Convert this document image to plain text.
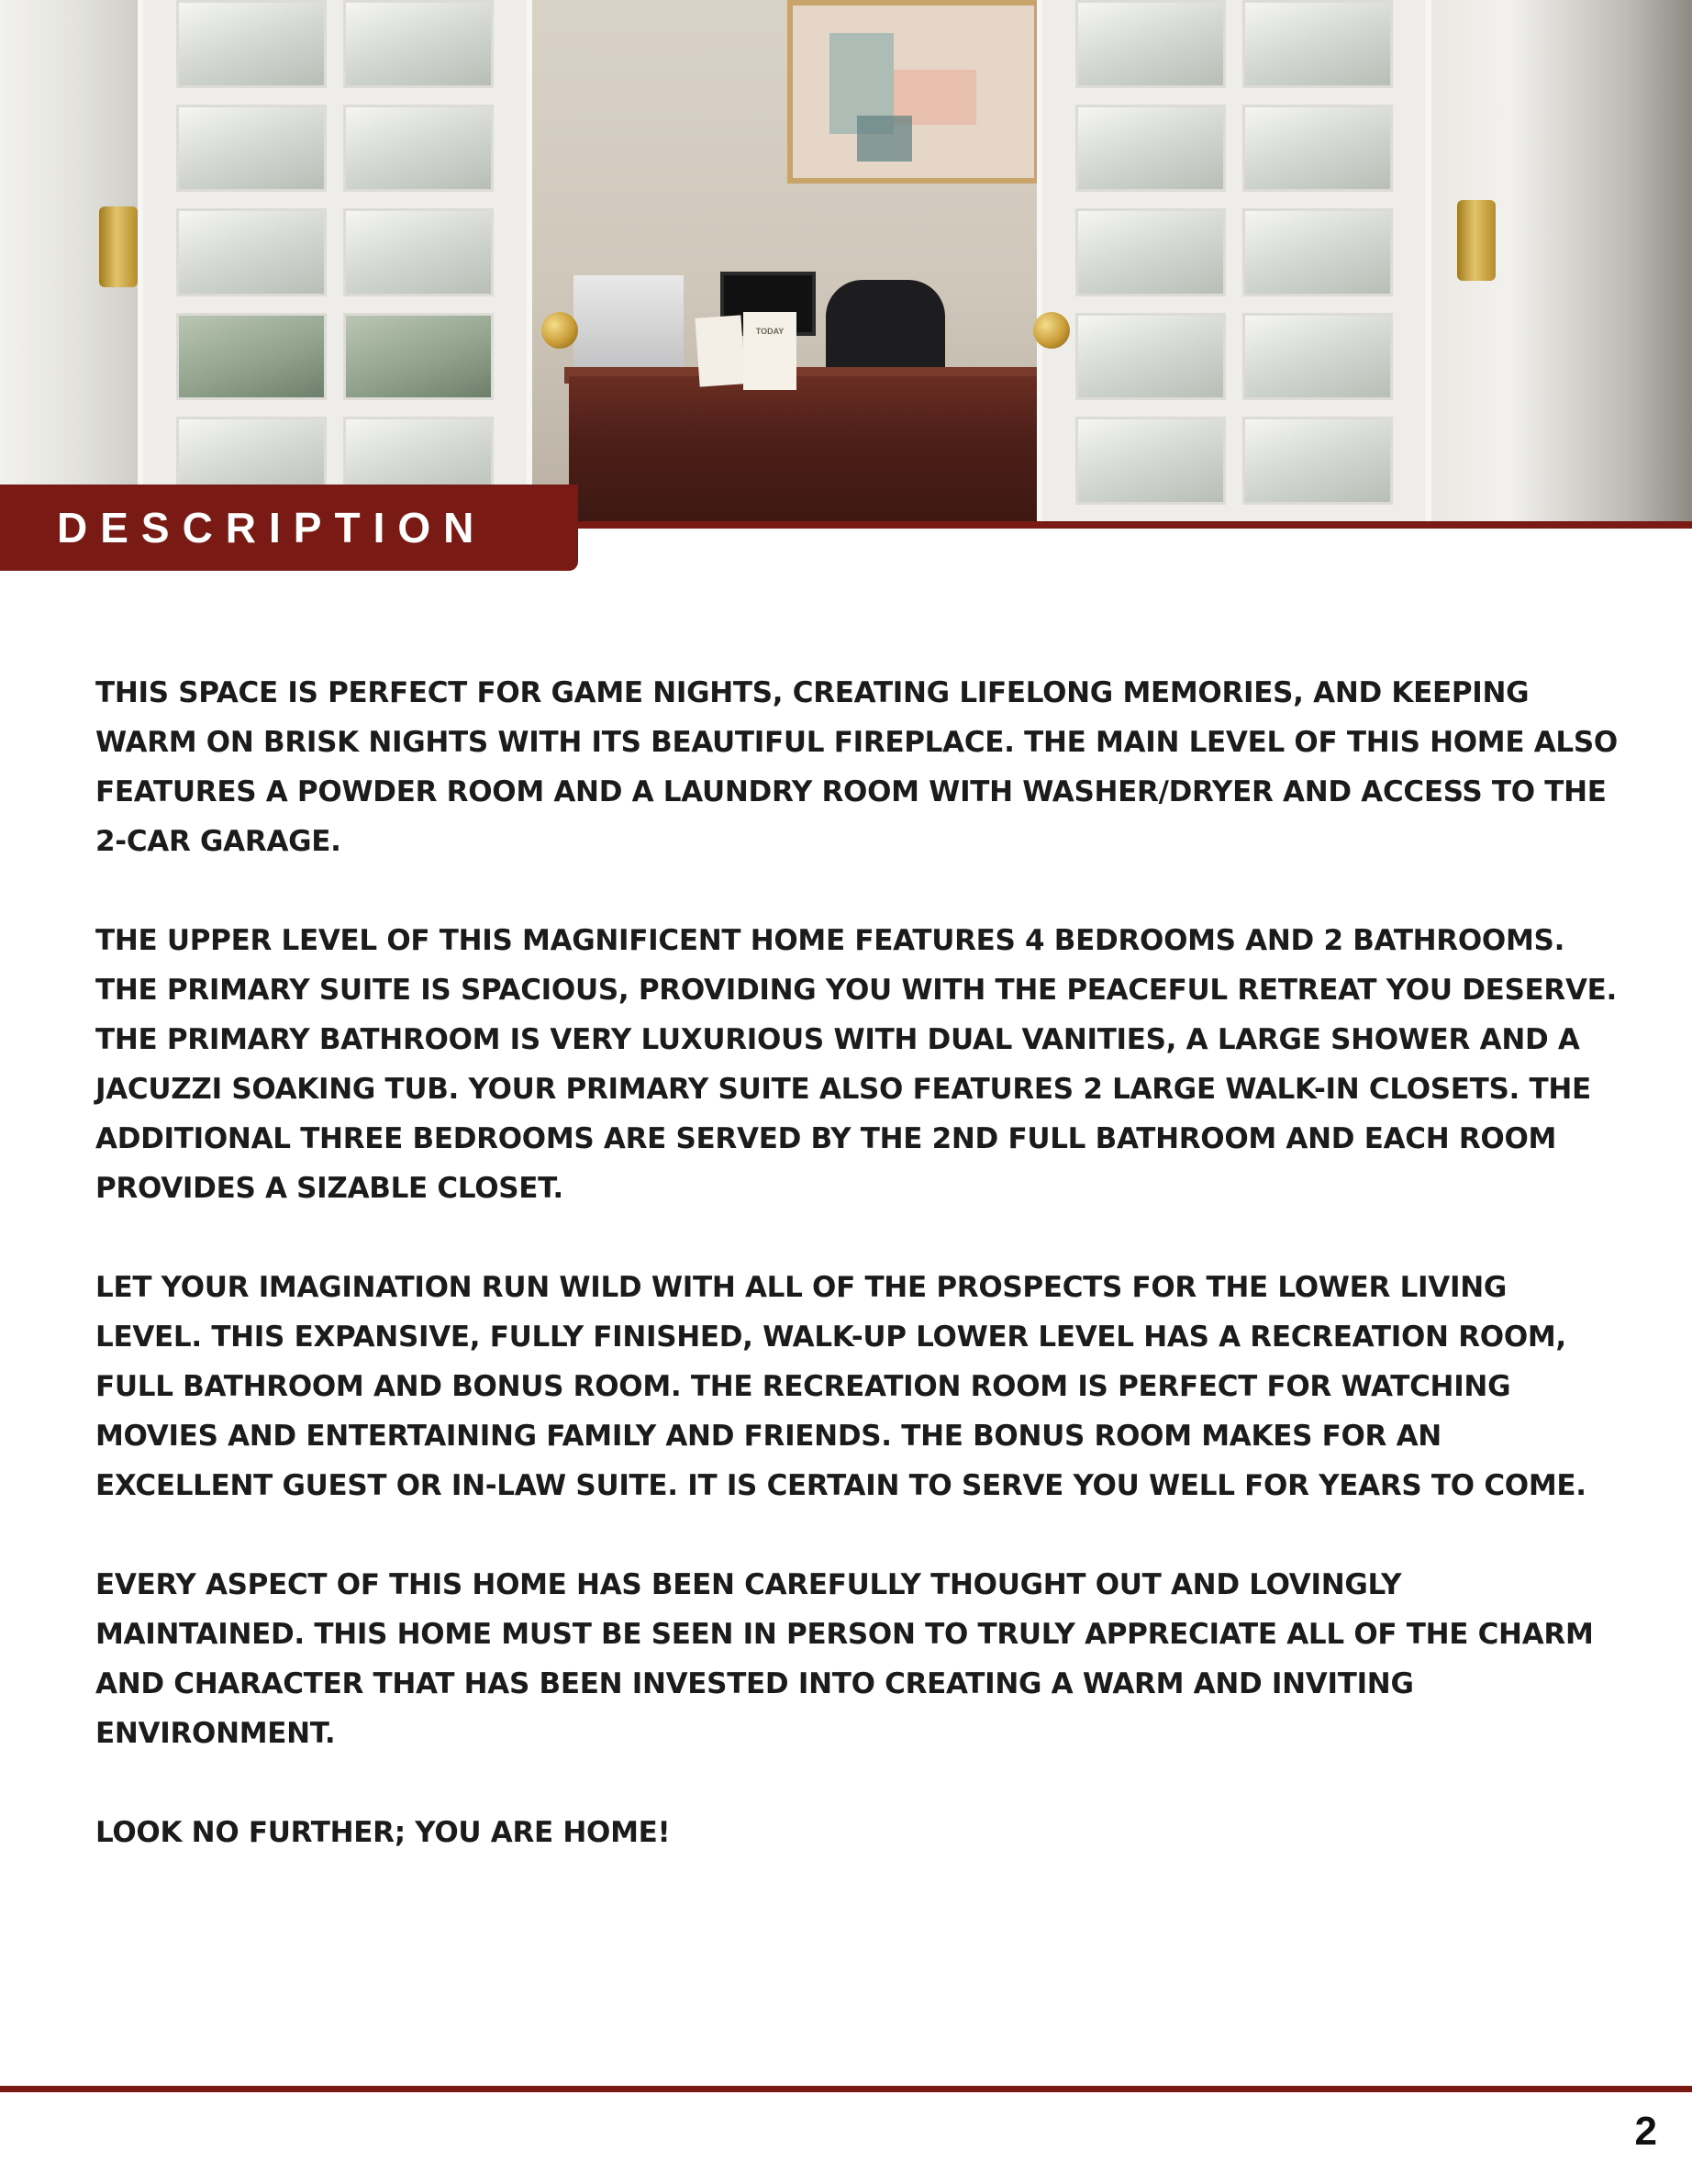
TODAY
DESCRIPTION

THIS SPACE IS PERFECT FOR GAME NIGHTS, CREATING LIFELONG MEMORIES, AND KEEPING WARM ON BRISK NIGHTS WITH ITS BEAUTIFUL FIREPLACE. THE MAIN LEVEL OF THIS HOME ALSO FEATURES A POWDER ROOM AND A LAUNDRY ROOM WITH WASHER/DRYER AND ACCESS TO THE 2-CAR GARAGE.

THE UPPER LEVEL OF THIS MAGNIFICENT HOME FEATURES 4 BEDROOMS AND 2 BATHROOMS. THE PRIMARY SUITE IS SPACIOUS, PROVIDING YOU WITH THE PEACEFUL RETREAT YOU DESERVE. THE PRIMARY BATHROOM IS VERY LUXURIOUS WITH DUAL VANITIES, A LARGE SHOWER AND A JACUZZI SOAKING TUB. YOUR PRIMARY SUITE ALSO FEATURES 2 LARGE WALK-IN CLOSETS. THE ADDITIONAL THREE BEDROOMS ARE SERVED BY THE 2ND FULL BATHROOM AND EACH ROOM PROVIDES A SIZABLE CLOSET.

LET YOUR IMAGINATION RUN WILD WITH ALL OF THE PROSPECTS FOR THE LOWER LIVING LEVEL. THIS EXPANSIVE, FULLY FINISHED, WALK-UP LOWER LEVEL HAS A RECREATION ROOM, FULL BATHROOM AND BONUS ROOM. THE RECREATION ROOM IS PERFECT FOR WATCHING MOVIES AND ENTERTAINING FAMILY AND FRIENDS. THE BONUS ROOM MAKES FOR AN EXCELLENT GUEST OR IN-LAW SUITE. IT IS CERTAIN TO SERVE YOU WELL FOR YEARS TO COME.

EVERY ASPECT OF THIS HOME HAS BEEN CAREFULLY THOUGHT OUT AND LOVINGLY MAINTAINED. THIS HOME MUST BE SEEN IN PERSON TO TRULY APPRECIATE ALL OF THE CHARM AND CHARACTER THAT HAS BEEN INVESTED INTO CREATING A WARM AND INVITING ENVIRONMENT.

LOOK NO FURTHER; YOU ARE HOME!

2
